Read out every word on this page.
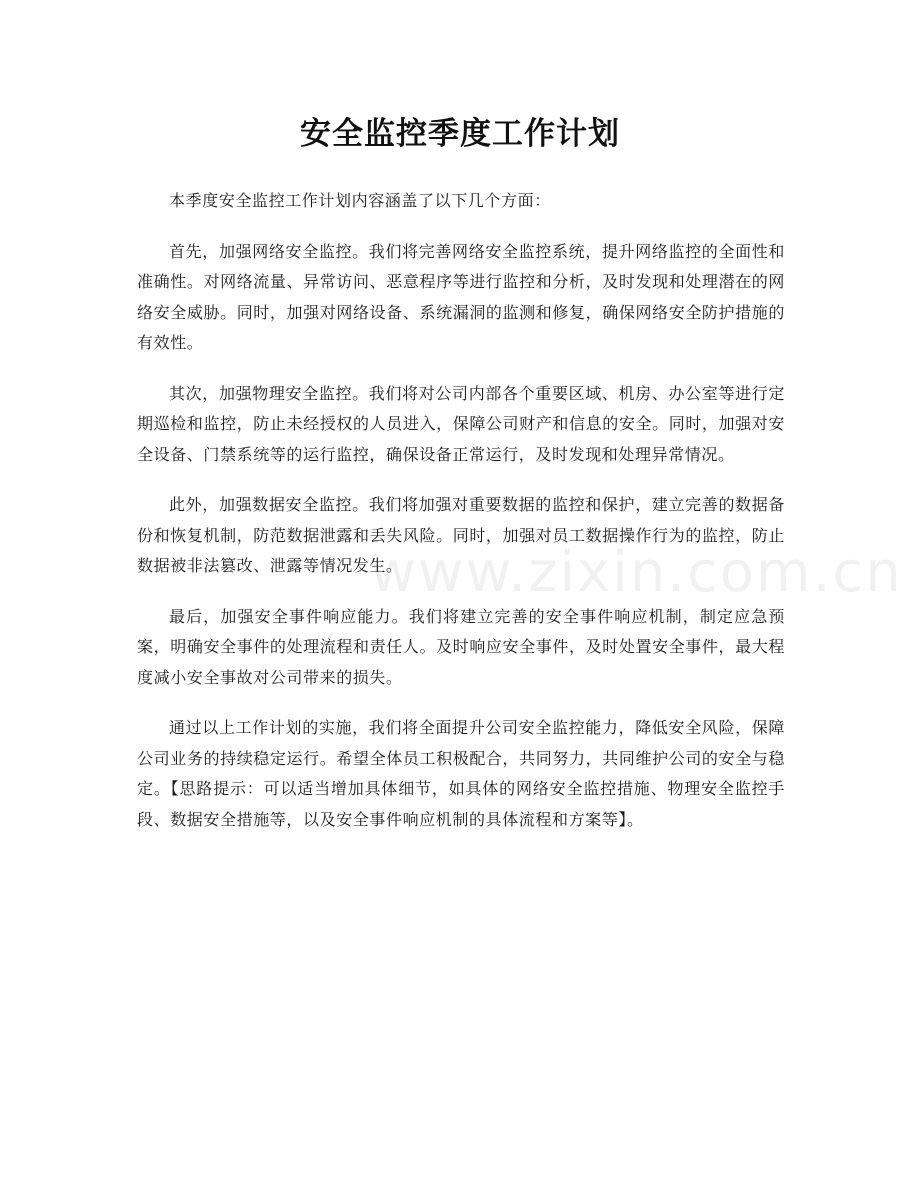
安全监控季度工作计划

本季度安全监控工作计划内容涵盖了以下几个方面：

首先，加强网络安全监控。我们将完善网络安全监控系统，提升网络监控的全面性和准确性。对网络流量、异常访问、恶意程序等进行监控和分析，及时发现和处理潜在的网络安全威胁。同时，加强对网络设备、系统漏洞的监测和修复，确保网络安全防护措施的有效性。

其次，加强物理安全监控。我们将对公司内部各个重要区域、机房、办公室等进行定期巡检和监控，防止未经授权的人员进入，保障公司财产和信息的安全。同时，加强对安全设备、门禁系统等的运行监控，确保设备正常运行，及时发现和处理异常情况。

此外，加强数据安全监控。我们将加强对重要数据的监控和保护，建立完善的数据备份和恢复机制，防范数据泄露和丢失风险。同时，加强对员工数据操作行为的监控，防止数据被非法篡改、泄露等情况发生。

最后，加强安全事件响应能力。我们将建立完善的安全事件响应机制，制定应急预案，明确安全事件的处理流程和责任人。及时响应安全事件，及时处置安全事件，最大程度减小安全事故对公司带来的损失。

通过以上工作计划的实施，我们将全面提升公司安全监控能力，降低安全风险，保障公司业务的持续稳定运行。希望全体员工积极配合，共同努力，共同维护公司的安全与稳定。【思路提示：可以适当增加具体细节，如具体的网络安全监控措施、物理安全监控手段、数据安全措施等，以及安全事件响应机制的具体流程和方案等】。

www.zixin.com.cn
